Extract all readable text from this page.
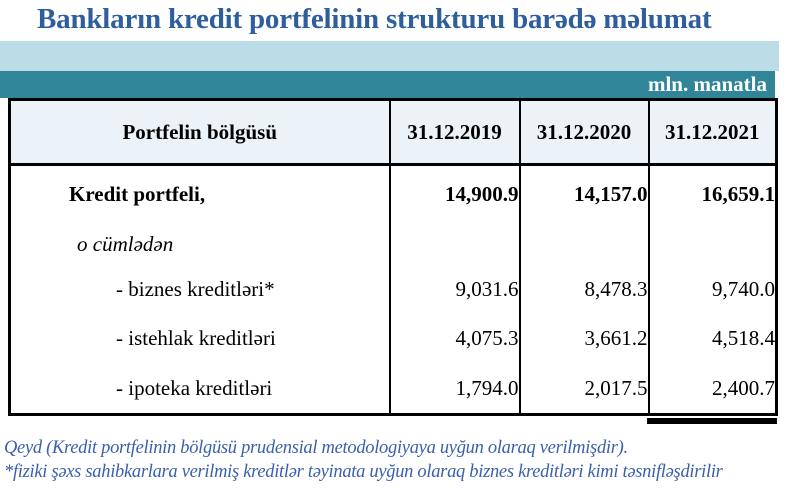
Bankların kredit portfelinin strukturu barədə məlumat
mln. manatla
Portfelin bölgüsü	31.12.2019	31.12.2020	31.12.2021
Kredit portfeli,	14,900.9	14,157.0	16,659.1
o cümlədən			
- biznes kreditləri*	9,031.6	8,478.3	9,740.0
- istehlak kreditləri	4,075.3	3,661.2	4,518.4
- ipoteka kreditləri	1,794.0	2,017.5	2,400.7
Qeyd (Kredit portfelinin bölgüsü prudensial metodologiyaya uyğun olaraq verilmişdir).
*fiziki şəxs sahibkarlara verilmiş kreditlər təyinata uyğun olaraq biznes kreditləri kimi təsnifləşdirilir
